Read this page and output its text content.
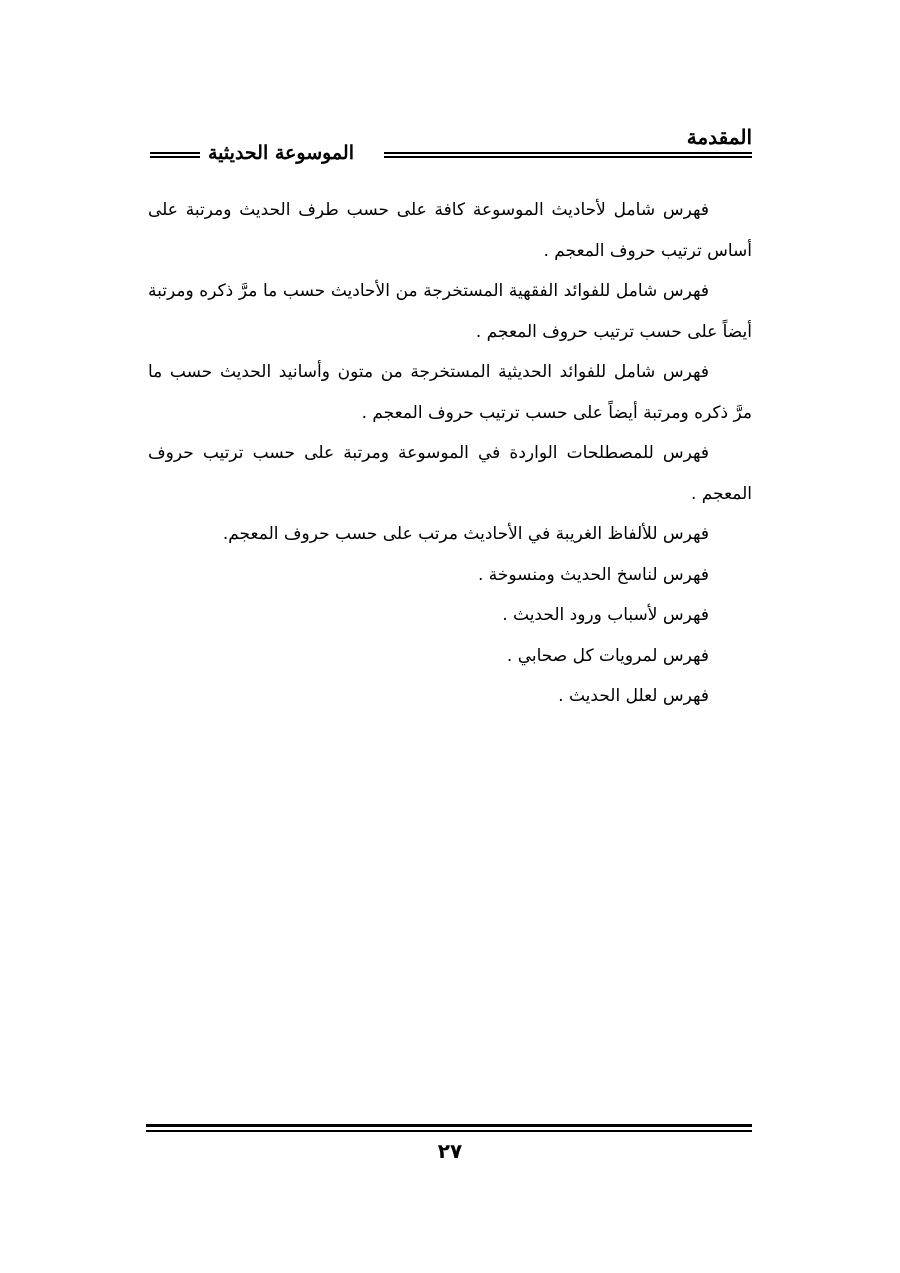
المقدمة
الموسوعة الحديثية

فهرس شامل لأحاديث الموسوعة كافة على حسب طرف الحديث ومرتبة على أساس ترتيب حروف المعجم .

فهرس شامل للفوائد الفقهية المستخرجة من الأحاديث حسب ما مرَّ ذكره ومرتبة أيضاً على حسب ترتيب حروف المعجم .

فهرس شامل للفوائد الحديثية المستخرجة من متون وأسانيد الحديث حسب ما مرَّ ذكره ومرتبة أيضاً على حسب ترتيب حروف المعجم .

فهرس للمصطلحات الواردة في الموسوعة ومرتبة على حسب ترتيب حروف المعجم .

فهرس للألفاظ الغريبة في الأحاديث مرتب على حسب حروف المعجم.

فهرس لناسخ الحديث ومنسوخة .

فهرس لأسباب ورود الحديث .

فهرس لمرويات كل صحابي .

فهرس لعلل الحديث .

٢٧
